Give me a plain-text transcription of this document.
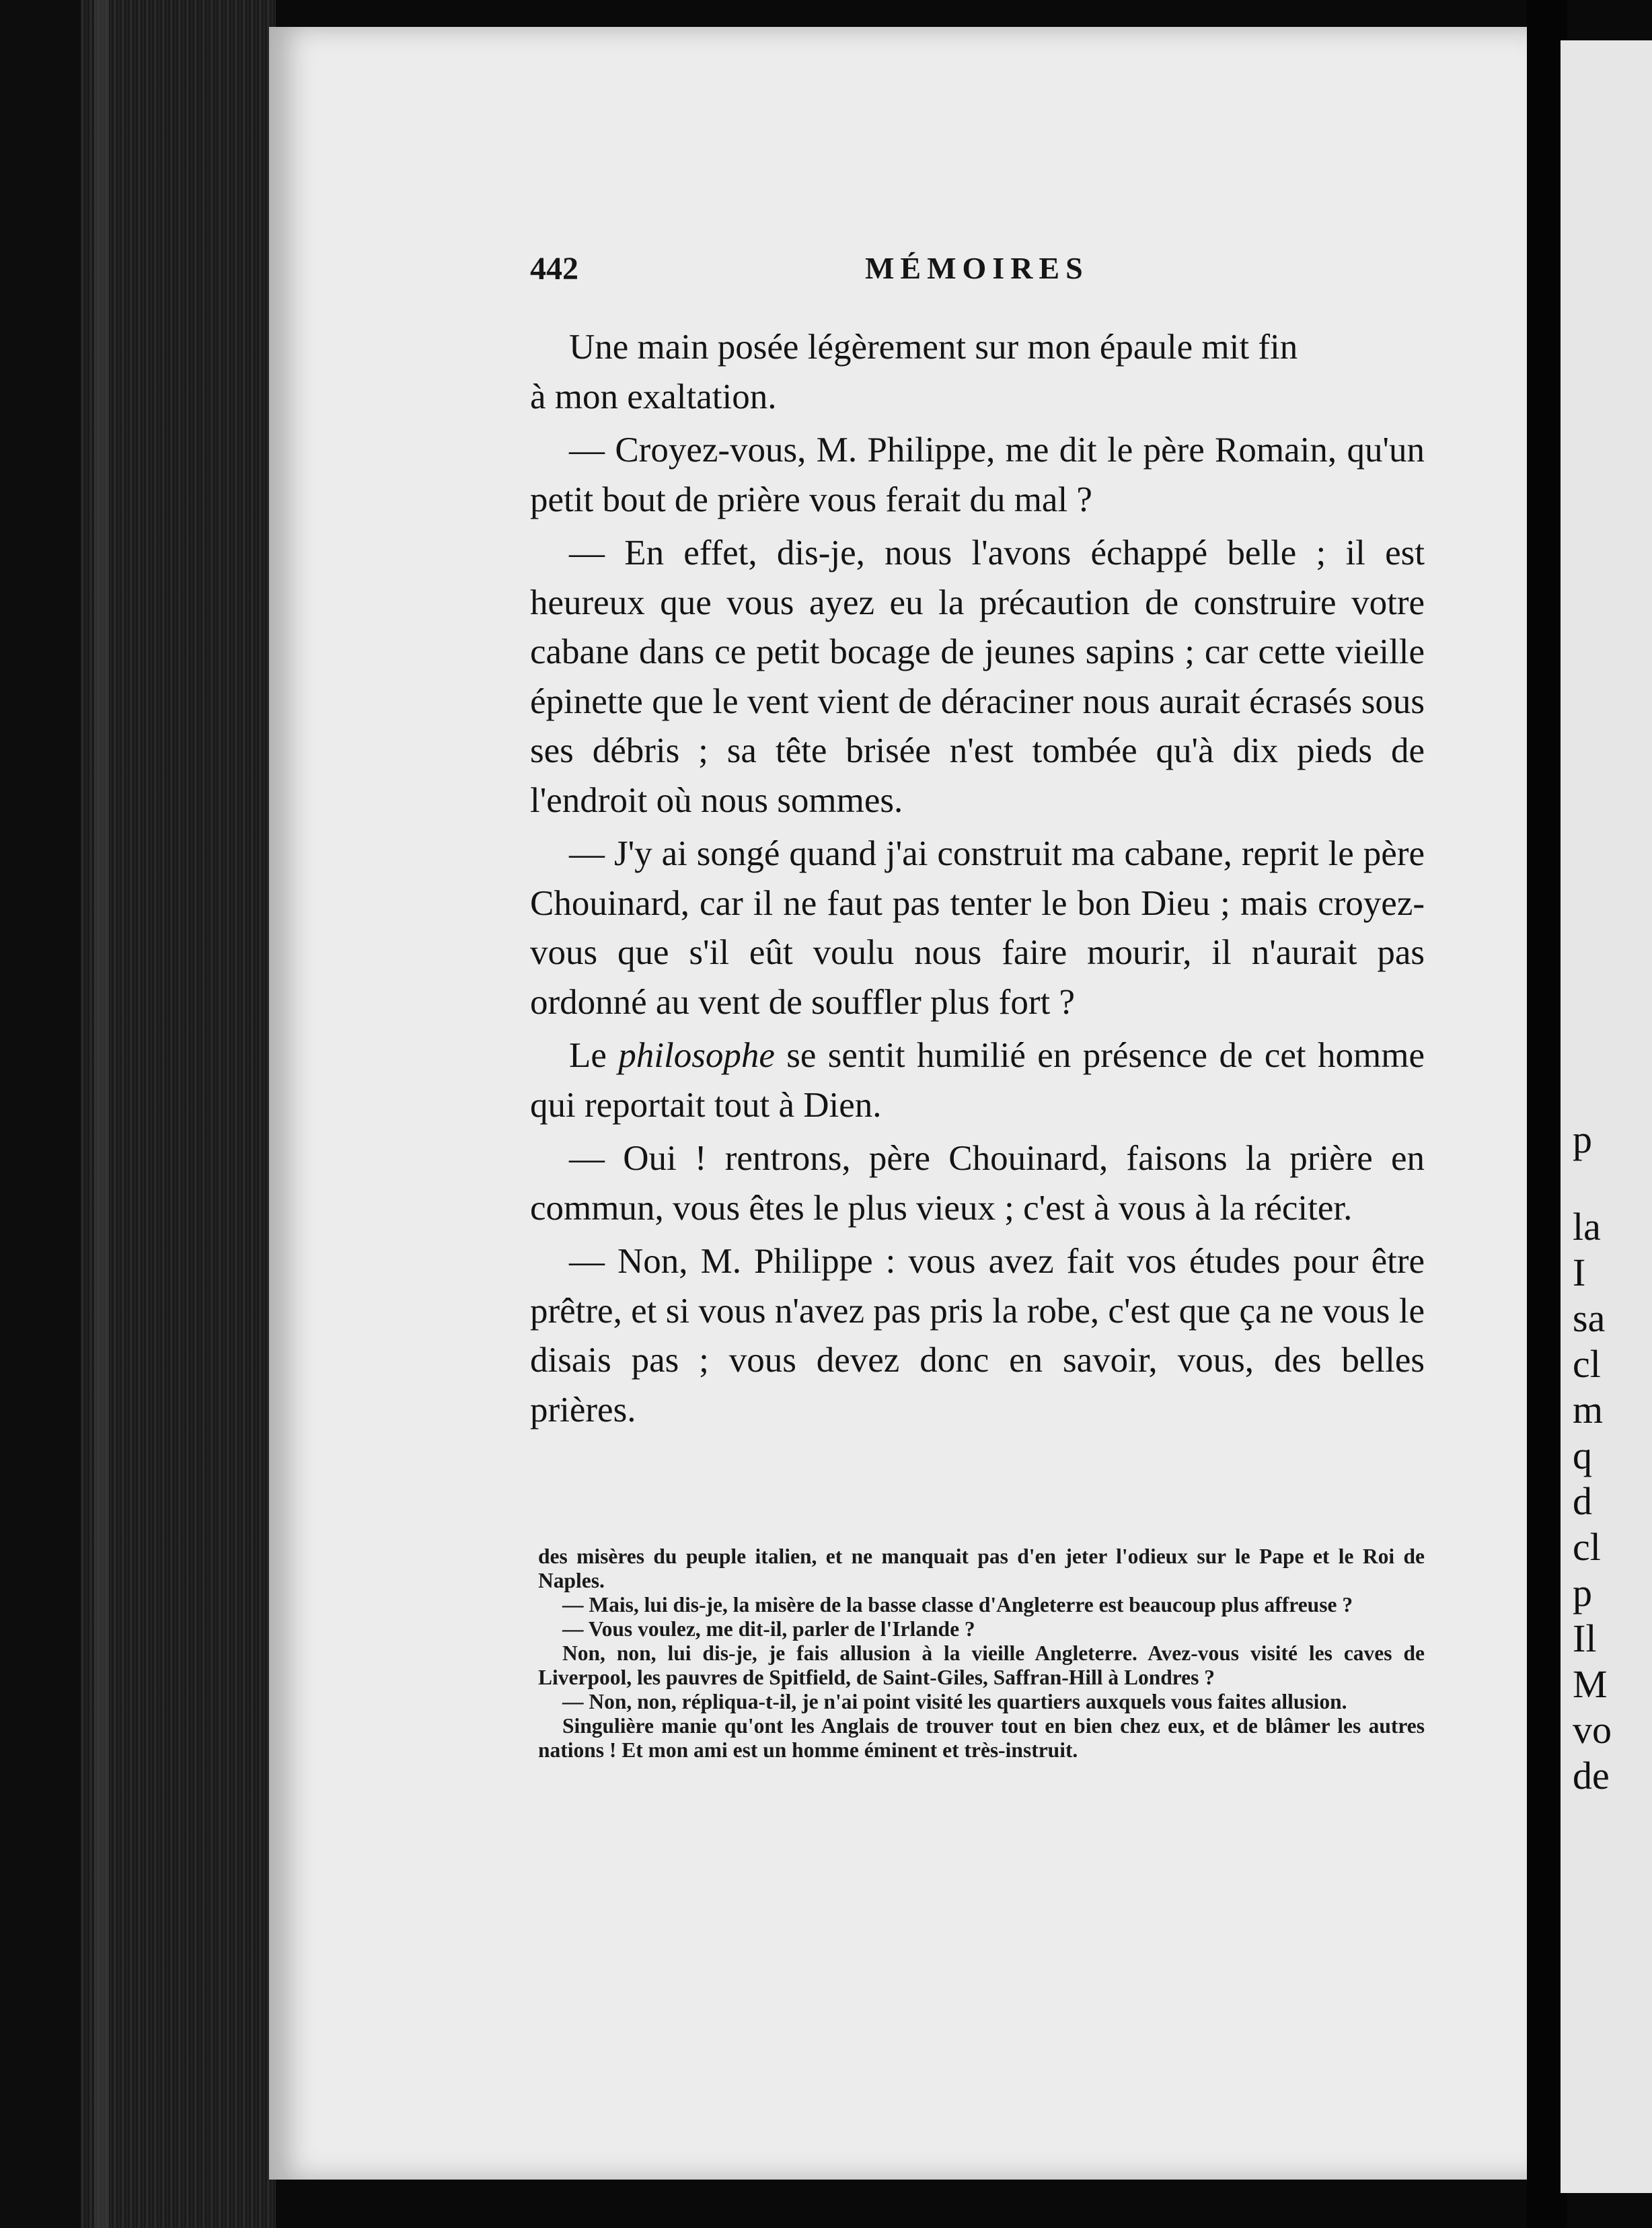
p
la
I
sa
cl
m
q
d
cl
p
Il
M
vo
de
442	MÉMOIRES

Une main posée légèrement sur mon épaule mit fin

à mon exaltation.

— Croyez-vous, M. Philippe, me dit le père Romain, qu'un petit bout de prière vous ferait du mal ?

— En effet, dis-je, nous l'avons échappé belle ; il est heureux que vous ayez eu la précaution de construire votre cabane dans ce petit bocage de jeunes sapins ; car cette vieille épinette que le vent vient de déraciner nous aurait écrasés sous ses débris ; sa tête brisée n'est tombée qu'à dix pieds de l'endroit où nous sommes.

— J'y ai songé quand j'ai construit ma cabane, reprit le père Chouinard, car il ne faut pas tenter le bon Dieu ; mais croyez-vous que s'il eût voulu nous faire mourir, il n'aurait pas ordonné au vent de souffler plus fort ?

Le philosophe se sentit humilié en présence de cet homme qui reportait tout à Dien.

— Oui ! rentrons, père Chouinard, faisons la prière en commun, vous êtes le plus vieux ; c'est à vous à la réciter.

— Non, M. Philippe : vous avez fait vos études pour être prêtre, et si vous n'avez pas pris la robe, c'est que ça ne vous le disais pas ; vous devez donc en savoir, vous, des belles prières.

des misères du peuple italien, et ne manquait pas d'en jeter l'odieux sur le Pape et le Roi de Naples.

— Mais, lui dis-je, la misère de la basse classe d'Angleterre est beaucoup plus affreuse ?

— Vous voulez, me dit-il, parler de l'Irlande ?

Non, non, lui dis-je, je fais allusion à la vieille Angleterre. Avez-vous visité les caves de Liverpool, les pauvres de Spitfield, de Saint-Giles, Saffran-Hill à Londres ?

— Non, non, répliqua-t-il, je n'ai point visité les quartiers auxquels vous faites allusion.

Singulière manie qu'ont les Anglais de trouver tout en bien chez eux, et de blâmer les autres nations ! Et mon ami est un homme éminent et très-instruit.
